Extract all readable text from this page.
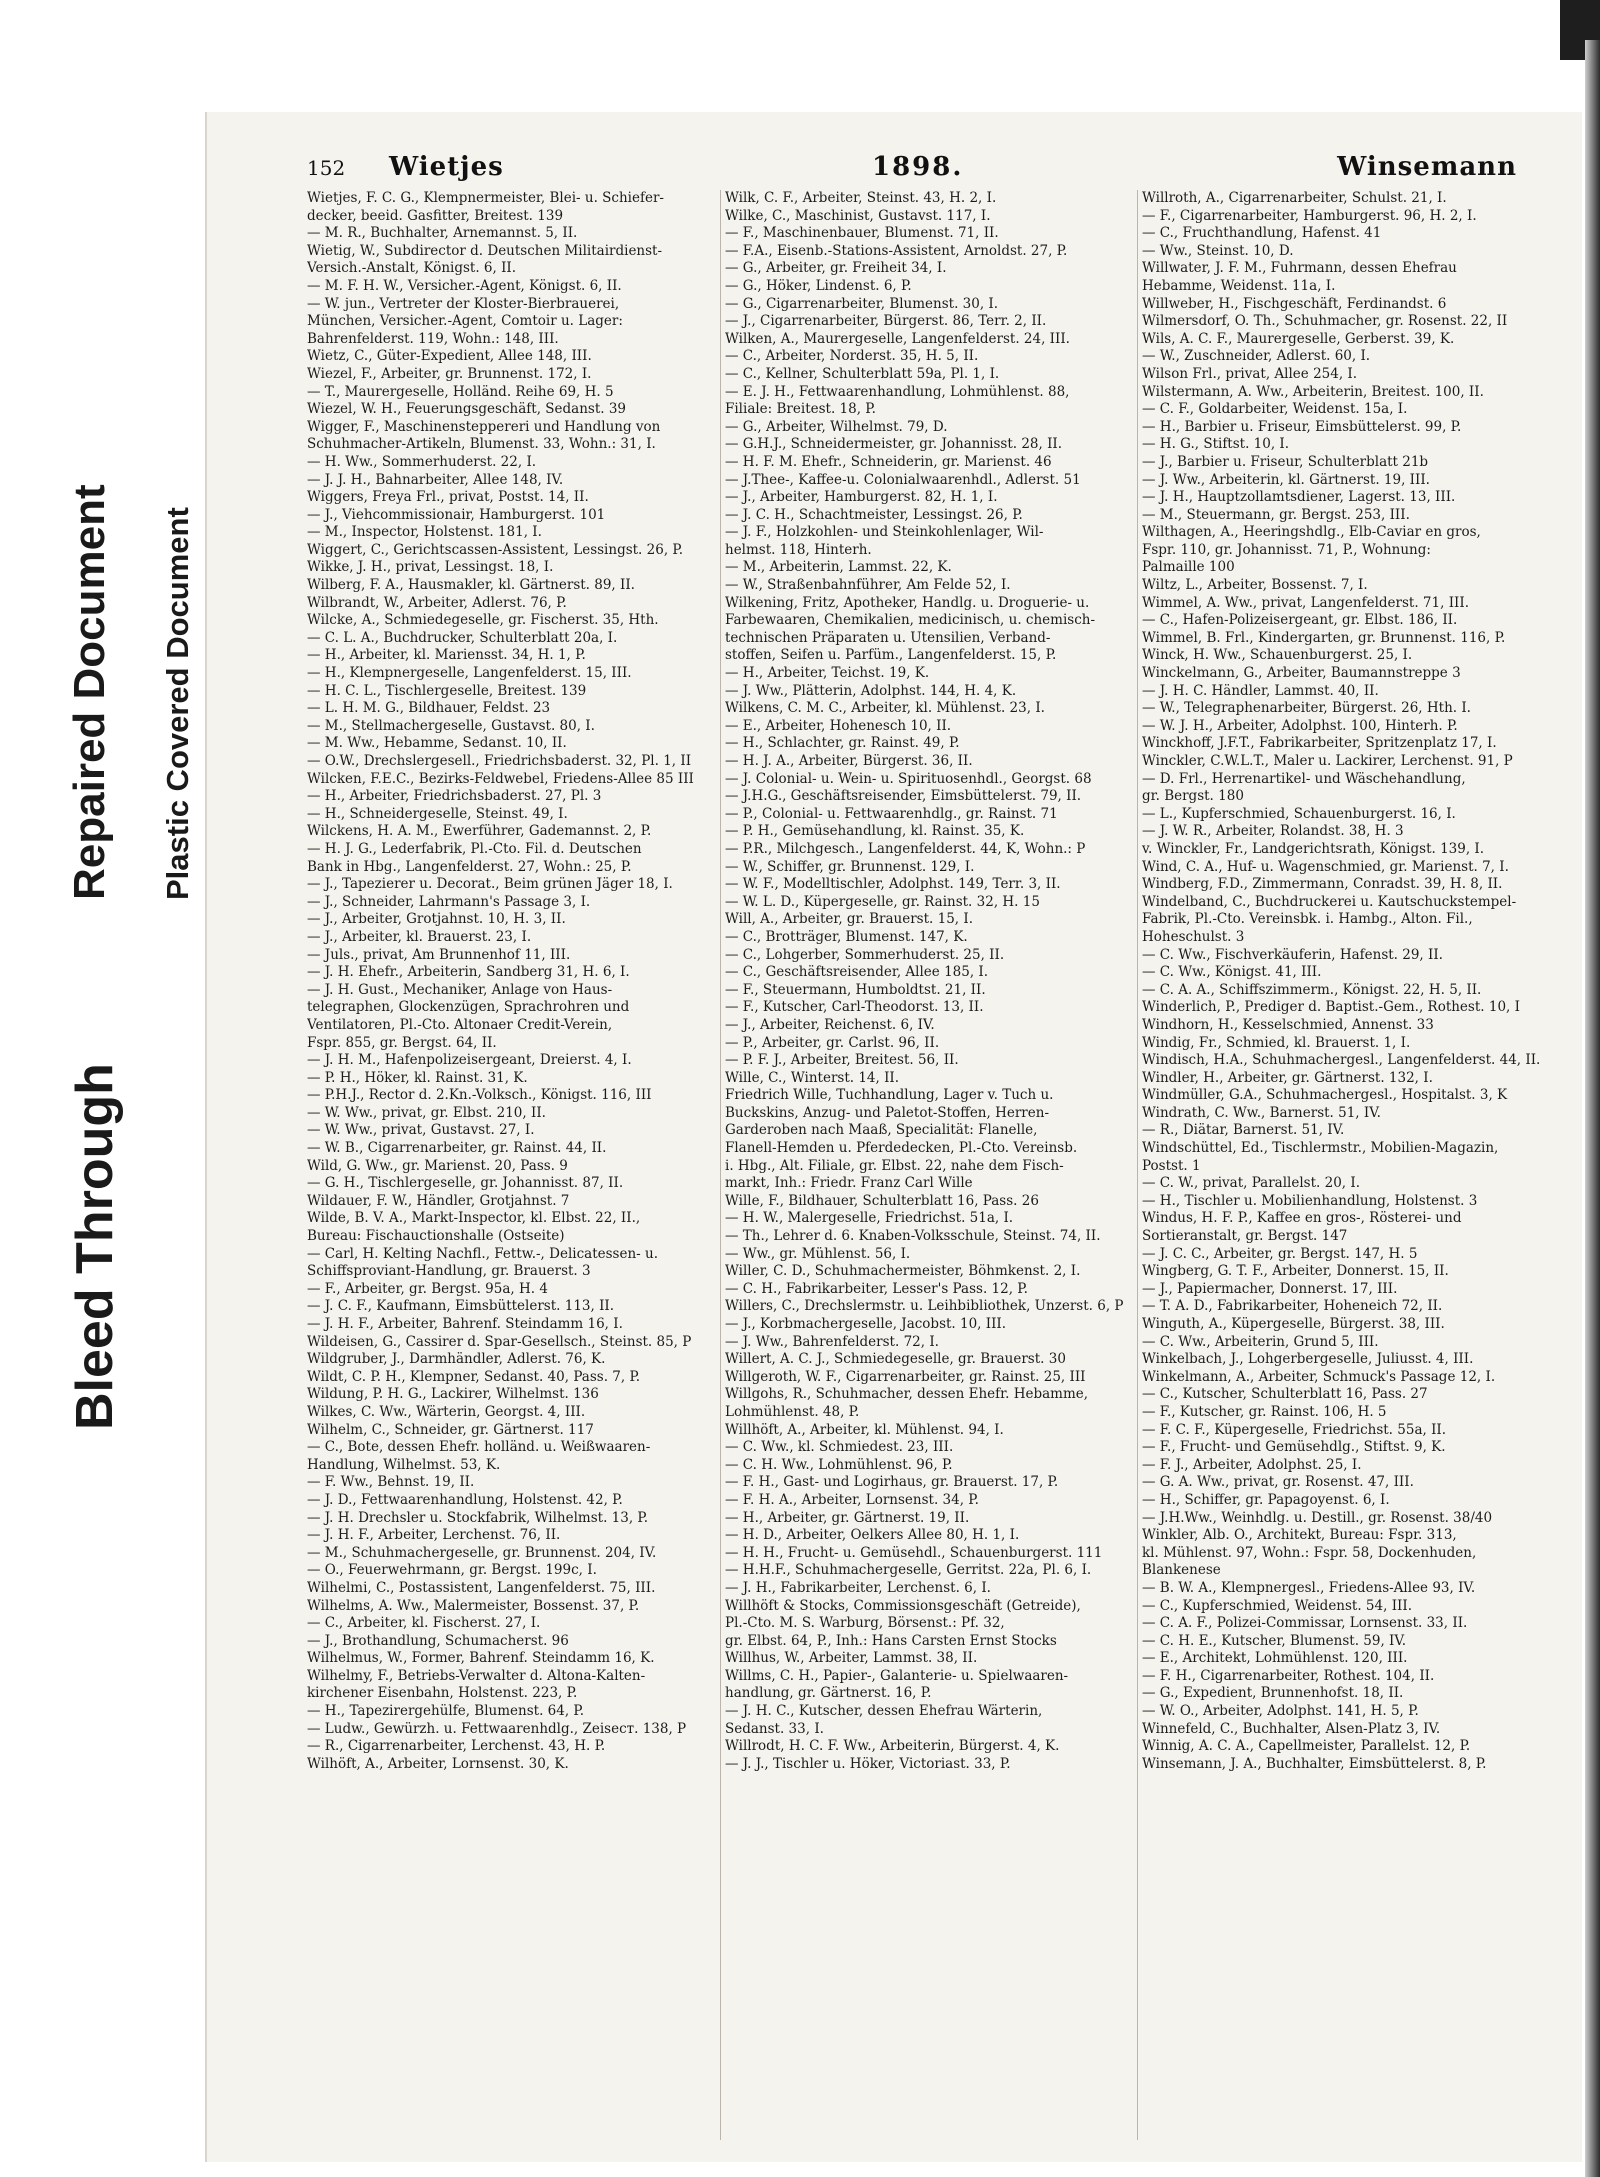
Bleed Through
Repaired Document Plastic Covered Document
152 Wietjes	1898.	Winsemann

Wietjes, F. C. G., Klempnermeister, Blei- u. Schiefer-

decker, beeid. Gasfitter, Breitest. 139

— M. R., Buchhalter, Arnemannst. 5, II.

Wietig, W., Subdirector d. Deutschen Militairdienst-

Versich.-Anstalt, Königst. 6, II.

— M. F. H. W., Versicher.-Agent, Königst. 6, II.

— W. jun., Vertreter der Kloster-Bierbrauerei,

München, Versicher.-Agent, Comtoir u. Lager:

Bahrenfelderst. 119, Wohn.: 148, III.

Wietz, C., Güter-Expedient, Allee 148, III.

Wiezel, F., Arbeiter, gr. Brunnenst. 172, I.

— T., Maurergeselle, Holländ. Reihe 69, H. 5

Wiezel, W. H., Feuerungsgeschäft, Sedanst. 39

Wigger, F., Maschinensteppereri und Handlung von

Schuhmacher-Artikeln, Blumenst. 33, Wohn.: 31, I.

— H. Ww., Sommerhuderst. 22, I.

— J. J. H., Bahnarbeiter, Allee 148, IV.

Wiggers, Freya Frl., privat, Postst. 14, II.

— J., Viehcommissionair, Hamburgerst. 101

— M., Inspector, Holstenst. 181, I.

Wiggert, C., Gerichtscassen-Assistent, Lessingst. 26, P.

Wikke, J. H., privat, Lessingst. 18, I.

Wilberg, F. A., Hausmakler, kl. Gärtnerst. 89, II.

Wilbrandt, W., Arbeiter, Adlerst. 76, P.

Wilcke, A., Schmiedegeselle, gr. Fischerst. 35, Hth.

— C. L. A., Buchdrucker, Schulterblatt 20a, I.

— H., Arbeiter, kl. Mariensst. 34, H. 1, P.

— H., Klempnergeselle, Langenfelderst. 15, III.

— H. C. L., Tischlergeselle, Breitest. 139

— L. H. M. G., Bildhauer, Feldst. 23

— M., Stellmachergeselle, Gustavst. 80, I.

— M. Ww., Hebamme, Sedanst. 10, II.

— O.W., Drechslergesell., Friedrichsbaderst. 32, Pl. 1, II

Wilcken, F.E.C., Bezirks-Feldwebel, Friedens-Allee 85 III

— H., Arbeiter, Friedrichsbaderst. 27, Pl. 3

— H., Schneidergeselle, Steinst. 49, I.

Wilckens, H. A. M., Ewerführer, Gademannst. 2, P.

— H. J. G., Lederfabrik, Pl.-Cto. Fil. d. Deutschen

Bank in Hbg., Langenfelderst. 27, Wohn.: 25, P.

— J., Tapezierer u. Decorat., Beim grünen Jäger 18, I.

— J., Schneider, Lahrmann's Passage 3, I.

— J., Arbeiter, Grotjahnst. 10, H. 3, II.

— J., Arbeiter, kl. Brauerst. 23, I.

— Juls., privat, Am Brunnenhof 11, III.

— J. H. Ehefr., Arbeiterin, Sandberg 31, H. 6, I.

— J. H. Gust., Mechaniker, Anlage von Haus-

telegraphen, Glockenzügen, Sprachrohren und

Ventilatoren, Pl.-Cto. Altonaer Credit-Verein,

Fspr. 855, gr. Bergst. 64, II.

— J. H. M., Hafenpolizeisergeant, Dreierst. 4, I.

— P. H., Höker, kl. Rainst. 31, K.

— P.H.J., Rector d. 2.Kn.-Volksch., Königst. 116, III

— W. Ww., privat, gr. Elbst. 210, II.

— W. Ww., privat, Gustavst. 27, I.

— W. B., Cigarrenarbeiter, gr. Rainst. 44, II.

Wild, G. Ww., gr. Marienst. 20, Pass. 9

— G. H., Tischlergeselle, gr. Johannisst. 87, II.

Wildauer, F. W., Händler, Grotjahnst. 7

Wilde, B. V. A., Markt-Inspector, kl. Elbst. 22, II.,

Bureau: Fischauctionshalle (Ostseite)

— Carl, H. Kelting Nachfl., Fettw.-, Delicatessen- u.

Schiffsproviant-Handlung, gr. Brauerst. 3

— F., Arbeiter, gr. Bergst. 95a, H. 4

— J. C. F., Kaufmann, Eimsbüttelerst. 113, II.

— J. H. F., Arbeiter, Bahrenf. Steindamm 16, I.

Wildeisen, G., Cassirer d. Spar-Gesellsch., Steinst. 85, P

Wildgruber, J., Darmhändler, Adlerst. 76, K.

Wildt, C. P. H., Klempner, Sedanst. 40, Pass. 7, P.

Wildung, P. H. G., Lackirer, Wilhelmst. 136

Wilkes, C. Ww., Wärterin, Georgst. 4, III.

Wilhelm, C., Schneider, gr. Gärtnerst. 117

— C., Bote, dessen Ehefr. holländ. u. Weißwaaren-

Handlung, Wilhelmst. 53, K.

— F. Ww., Behnst. 19, II.

— J. D., Fettwaarenhandlung, Holstenst. 42, P.

— J. H. Drechsler u. Stockfabrik, Wilhelmst. 13, P.

— J. H. F., Arbeiter, Lerchenst. 76, II.

— M., Schuhmachergeselle, gr. Brunnenst. 204, IV.

— O., Feuerwehrmann, gr. Bergst. 199c, I.

Wilhelmi, C., Postassistent, Langenfelderst. 75, III.

Wilhelms, A. Ww., Malermeister, Bossenst. 37, P.

— C., Arbeiter, kl. Fischerst. 27, I.

— J., Brothandlung, Schumacherst. 96

Wilhelmus, W., Former, Bahrenf. Steindamm 16, K.

Wilhelmy, F., Betriebs-Verwalter d. Altona-Kalten-

kirchener Eisenbahn, Holstenst. 223, P.

— H., Tapezirergehülfe, Blumenst. 64, P.

— Ludw., Gewürzh. u. Fettwaarenhdlg., Zeiseст. 138, P

— R., Cigarrenarbeiter, Lerchenst. 43, H. P.

Wilhöft, A., Arbeiter, Lornsenst. 30, K.

Wilk, C. F., Arbeiter, Steinst. 43, H. 2, I.

Wilke, C., Maschinist, Gustavst. 117, I.

— F., Maschinenbauer, Blumenst. 71, II.

— F.A., Eisenb.-Stations-Assistent, Arnoldst. 27, P.

— G., Arbeiter, gr. Freiheit 34, I.

— G., Höker, Lindenst. 6, P.

— G., Cigarrenarbeiter, Blumenst. 30, I.

— J., Cigarrenarbeiter, Bürgerst. 86, Terr. 2, II.

Wilken, A., Maurergeselle, Langenfelderst. 24, III.

— C., Arbeiter, Norderst. 35, H. 5, II.

— C., Kellner, Schulterblatt 59a, Pl. 1, I.

— E. J. H., Fettwaarenhandlung, Lohmühlenst. 88,

Filiale: Breitest. 18, P.

— G., Arbeiter, Wilhelmst. 79, D.

— G.H.J., Schneidermeister, gr. Johannisst. 28, II.

— H. F. M. Ehefr., Schneiderin, gr. Marienst. 46

— J.Thee-, Kaffee-u. Colonialwaarenhdl., Adlerst. 51

— J., Arbeiter, Hamburgerst. 82, H. 1, I.

— J. C. H., Schachtmeister, Lessingst. 26, P.

— J. F., Holzkohlen- und Steinkohlenlager, Wil-

helmst. 118, Hinterh.

— M., Arbeiterin, Lammst. 22, K.

— W., Straßenbahnführer, Am Felde 52, I.

Wilkening, Fritz, Apotheker, Handlg. u. Droguerie- u.

Farbewaaren, Chemikalien, medicinisch, u. chemisch-

technischen Präparaten u. Utensilien, Verband-

stoffen, Seifen u. Parfüm., Langenfelderst. 15, P.

— H., Arbeiter, Teichst. 19, K.

— J. Ww., Plätterin, Adolphst. 144, H. 4, K.

Wilkens, C. M. C., Arbeiter, kl. Mühlenst. 23, I.

— E., Arbeiter, Hohenesch 10, II.

— H., Schlachter, gr. Rainst. 49, P.

— H. J. A., Arbeiter, Bürgerst. 36, II.

— J. Colonial- u. Wein- u. Spirituosenhdl., Georgst. 68

— J.H.G., Geschäftsreisender, Eimsbüttelerst. 79, II.

— P., Colonial- u. Fettwaarenhdlg., gr. Rainst. 71

— P. H., Gemüsehandlung, kl. Rainst. 35, K.

— P.R., Milchgesch., Langenfelderst. 44, K, Wohn.: P

— W., Schiffer, gr. Brunnenst. 129, I.

— W. F., Modelltischler, Adolphst. 149, Terr. 3, II.

— W. L. D., Küpergeselle, gr. Rainst. 32, H. 15

Will, A., Arbeiter, gr. Brauerst. 15, I.

— C., Brotträger, Blumenst. 147, K.

— C., Lohgerber, Sommerhuderst. 25, II.

— C., Geschäftsreisender, Allee 185, I.

— F., Steuermann, Humboldtst. 21, II.

— F., Kutscher, Carl-Theodorst. 13, II.

— J., Arbeiter, Reichenst. 6, IV.

— P., Arbeiter, gr. Carlst. 96, II.

— P. F. J., Arbeiter, Breitest. 56, II.

Wille, C., Winterst. 14, II.

Friedrich Wille, Tuchhandlung, Lager v. Tuch u.

Buckskins, Anzug- und Paletot-Stoffen, Herren-

Garderoben nach Maaß, Specialität: Flanelle,

Flanell-Hemden u. Pferdedecken, Pl.-Cto. Vereinsb.

i. Hbg., Alt. Filiale, gr. Elbst. 22, nahe dem Fisch-

markt, Inh.: Friedr. Franz Carl Wille

Wille, F., Bildhauer, Schulterblatt 16, Pass. 26

— H. W., Malergeselle, Friedrichst. 51a, I.

— Th., Lehrer d. 6. Knaben-Volksschule, Steinst. 74, II.

— Ww., gr. Mühlenst. 56, I.

Willer, C. D., Schuhmachermeister, Böhmkenst. 2, I.

— C. H., Fabrikarbeiter, Lesser's Pass. 12, P.

Willers, C., Drechslermstr. u. Leihbibliothek, Unzerst. 6, P

— J., Korbmachergeselle, Jacobst. 10, III.

— J. Ww., Bahrenfelderst. 72, I.

Willert, A. C. J., Schmiedegeselle, gr. Brauerst. 30

Willgeroth, W. F., Cigarrenarbeiter, gr. Rainst. 25, III

Willgohs, R., Schuhmacher, dessen Ehefr. Hebamme,

Lohmühlenst. 48, P.

Willhöft, A., Arbeiter, kl. Mühlenst. 94, I.

— C. Ww., kl. Schmiedest. 23, III.

— C. H. Ww., Lohmühlenst. 96, P.

— F. H., Gast- und Logirhaus, gr. Brauerst. 17, P.

— F. H. A., Arbeiter, Lornsenst. 34, P.

— H., Arbeiter, gr. Gärtnerst. 19, II.

— H. D., Arbeiter, Oelkers Allee 80, H. 1, I.

— H. H., Frucht- u. Gemüsehdl., Schauenburgerst. 111

— H.H.F., Schuhmachergeselle, Gerritst. 22a, Pl. 6, I.

— J. H., Fabrikarbeiter, Lerchenst. 6, I.

Willhöft & Stocks, Commissionsgeschäft (Getreide),

Pl.-Cto. M. S. Warburg, Börsenst.: Pf. 32,

gr. Elbst. 64, P., Inh.: Hans Carsten Ernst Stocks

Willhus, W., Arbeiter, Lammst. 38, II.

Willms, C. H., Papier-, Galanterie- u. Spielwaaren-

handlung, gr. Gärtnerst. 16, P.

— J. H. C., Kutscher, dessen Ehefrau Wärterin,

Sedanst. 33, I.

Willrodt, H. C. F. Ww., Arbeiterin, Bürgerst. 4, K.

— J. J., Tischler u. Höker, Victoriast. 33, P.

Willroth, A., Cigarrenarbeiter, Schulst. 21, I.

— F., Cigarrenarbeiter, Hamburgerst. 96, H. 2, I.

— C., Fruchthandlung, Hafenst. 41

— Ww., Steinst. 10, D.

Willwater, J. F. M., Fuhrmann, dessen Ehefrau

Hebamme, Weidenst. 11a, I.

Willweber, H., Fischgeschäft, Ferdinandst. 6

Wilmersdorf, O. Th., Schuhmacher, gr. Rosenst. 22, II

Wils, A. C. F., Maurergeselle, Gerberst. 39, K.

— W., Zuschneider, Adlerst. 60, I.

Wilson Frl., privat, Allee 254, I.

Wilstermann, A. Ww., Arbeiterin, Breitest. 100, II.

— C. F., Goldarbeiter, Weidenst. 15a, I.

— H., Barbier u. Friseur, Eimsbüttelerst. 99, P.

— H. G., Stiftst. 10, I.

— J., Barbier u. Friseur, Schulterblatt 21b

— J. Ww., Arbeiterin, kl. Gärtnerst. 19, III.

— J. H., Hauptzollamtsdiener, Lagerst. 13, III.

— M., Steuermann, gr. Bergst. 253, III.

Wilthagen, A., Heeringshdlg., Elb-Caviar en gros,

Fspr. 110, gr. Johannisst. 71, P., Wohnung:

Palmaille 100

Wiltz, L., Arbeiter, Bossenst. 7, I.

Wimmel, A. Ww., privat, Langenfelderst. 71, III.

— C., Hafen-Polizeisergeant, gr. Elbst. 186, II.

Wimmel, B. Frl., Kindergarten, gr. Brunnenst. 116, P.

Winck, H. Ww., Schauenburgerst. 25, I.

Winckelmann, G., Arbeiter, Baumannstreppe 3

— J. H. C. Händler, Lammst. 40, II.

— W., Telegraphenarbeiter, Bürgerst. 26, Hth. I.

— W. J. H., Arbeiter, Adolphst. 100, Hinterh. P.

Winckhoff, J.F.T., Fabrikarbeiter, Spritzenplatz 17, I.

Winckler, C.W.L.T., Maler u. Lackirer, Lerchenst. 91, P

— D. Frl., Herrenartikel- und Wäschehandlung,

gr. Bergst. 180

— L., Kupferschmied, Schauenburgerst. 16, I.

— J. W. R., Arbeiter, Rolandst. 38, H. 3

v. Winckler, Fr., Landgerichtsrath, Königst. 139, I.

Wind, C. A., Huf- u. Wagenschmied, gr. Marienst. 7, I.

Windberg, F.D., Zimmermann, Conradst. 39, H. 8, II.

Windelband, C., Buchdruckerei u. Kautschuckstempel-

Fabrik, Pl.-Cto. Vereinsbk. i. Hambg., Alton. Fil.,

Hoheschulst. 3

— C. Ww., Fischverkäuferin, Hafenst. 29, II.

— C. Ww., Königst. 41, III.

— C. A. A., Schiffszimmerm., Königst. 22, H. 5, II.

Winderlich, P., Prediger d. Baptist.-Gem., Rothest. 10, I

Windhorn, H., Kesselschmied, Annenst. 33

Windig, Fr., Schmied, kl. Brauerst. 1, I.

Windisch, H.A., Schuhmachergesl., Langenfelderst. 44, II.

Windler, H., Arbeiter, gr. Gärtnerst. 132, I.

Windmüller, G.A., Schuhmachergesl., Hospitalst. 3, K

Windrath, C. Ww., Barnerst. 51, IV.

— R., Diätar, Barnerst. 51, IV.

Windschüttel, Ed., Tischlermstr., Mobilien-Magazin,

Postst. 1

— C. W., privat, Parallelst. 20, I.

— H., Tischler u. Mobilienhandlung, Holstenst. 3

Windus, H. F. P., Kaffee en gros-, Rösterei- und

Sortieranstalt, gr. Bergst. 147

— J. C. C., Arbeiter, gr. Bergst. 147, H. 5

Wingberg, G. T. F., Arbeiter, Donnerst. 15, II.

— J., Papiermacher, Donnerst. 17, III.

— T. A. D., Fabrikarbeiter, Hoheneich 72, II.

Winguth, A., Küpergeselle, Bürgerst. 38, III.

— C. Ww., Arbeiterin, Grund 5, III.

Winkelbach, J., Lohgerbergeselle, Juliusst. 4, III.

Winkelmann, A., Arbeiter, Schmuck's Passage 12, I.

— C., Kutscher, Schulterblatt 16, Pass. 27

— F., Kutscher, gr. Rainst. 106, H. 5

— F. C. F., Küpergeselle, Friedrichst. 55a, II.

— F., Frucht- und Gemüsehdlg., Stiftst. 9, K.

— F. J., Arbeiter, Adolphst. 25, I.

— G. A. Ww., privat, gr. Rosenst. 47, III.

— H., Schiffer, gr. Papagoyenst. 6, I.

— J.H.Ww., Weinhdlg. u. Destill., gr. Rosenst. 38/40

Winkler, Alb. O., Architekt, Bureau: Fspr. 313,

kl. Mühlenst. 97, Wohn.: Fspr. 58, Dockenhuden,

Blankenese

— B. W. A., Klempnergesl., Friedens-Allee 93, IV.

— C., Kupferschmied, Weidenst. 54, III.

— C. A. F., Polizei-Commissar, Lornsenst. 33, II.

— C. H. E., Kutscher, Blumenst. 59, IV.

— E., Architekt, Lohmühlenst. 120, III.

— F. H., Cigarrenarbeiter, Rothest. 104, II.

— G., Expedient, Brunnenhofst. 18, II.

— W. O., Arbeiter, Adolphst. 141, H. 5, P.

Winnefeld, C., Buchhalter, Alsen-Platz 3, IV.

Winnig, A. C. A., Capellmeister, Parallelst. 12, P.

Winsemann, J. A., Buchhalter, Eimsbüttelerst. 8, P.
